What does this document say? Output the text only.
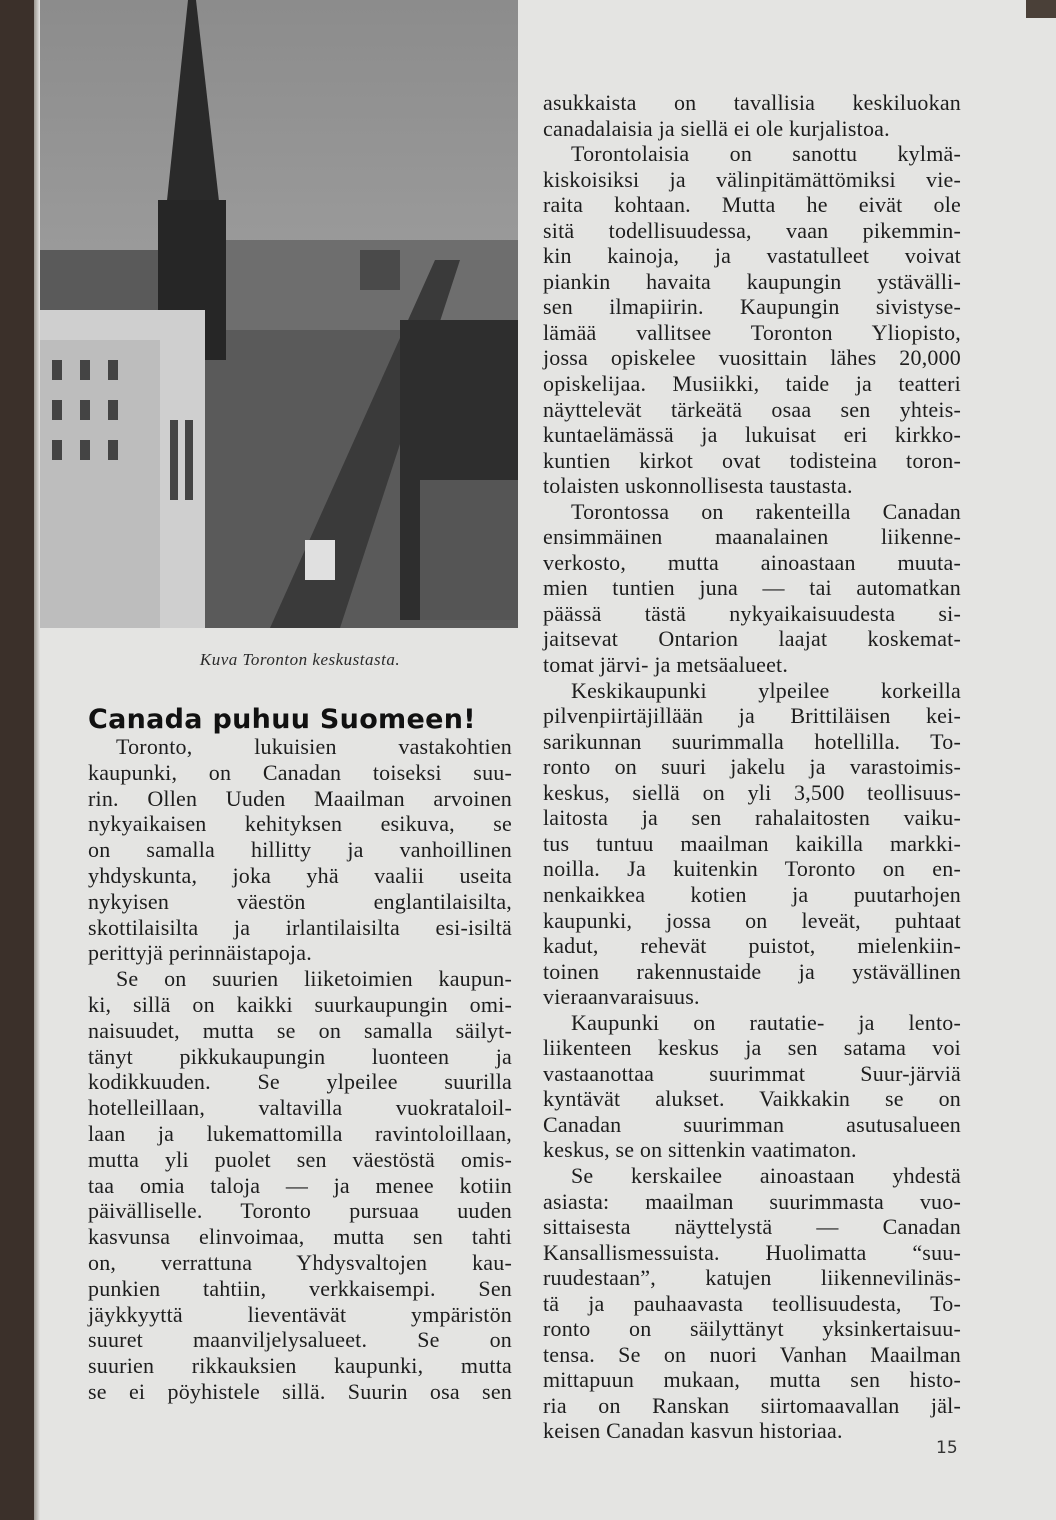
Kuva Toronton keskustasta.
Canada puhuu Suomeen!
Toronto, lukuisien vastakohtien
kaupunki, on Canadan toiseksi suu-
rin. Ollen Uuden Maailman arvoinen
nykyaikaisen kehityksen esikuva, se
on samalla hillitty ja vanhoillinen
yhdyskunta, joka yhä vaalii useita
nykyisen väestön englantilaisilta,
skottilaisilta ja irlantilaisilta esi-isiltä
perittyjä perinnäistapoja.
Se on suurien liiketoimien kaupun-
ki, sillä on kaikki suurkaupungin omi-
naisuudet, mutta se on samalla säilyt-
tänyt pikkukaupungin luonteen ja
kodikkuuden. Se ylpeilee suurilla
hotelleillaan, valtavilla vuokrataloil-
laan ja lukemattomilla ravintoloillaan,
mutta yli puolet sen väestöstä omis-
taa omia taloja — ja menee kotiin
päivälliselle. Toronto pursuaa uuden
kasvunsa elinvoimaa, mutta sen tahti
on, verrattuna Yhdysvaltojen kau-
punkien tahtiin, verkkaisempi. Sen
jäykkyyttä lieventävät ympäristön
suuret maanviljelysalueet. Se on
suurien rikkauksien kaupunki, mutta
se ei pöyhistele sillä. Suurin osa sen
asukkaista on tavallisia keskiluokan
canadalaisia ja siellä ei ole kurjalistoa.
Torontolaisia on sanottu kylmä-
kiskoisiksi ja välinpitämättömiksi vie-
raita kohtaan. Mutta he eivät ole
sitä todellisuudessa, vaan pikemmin-
kin kainoja, ja vastatulleet voivat
piankin havaita kaupungin ystävälli-
sen ilmapiirin. Kaupungin sivistyse-
lämää vallitsee Toronton Yliopisto,
jossa opiskelee vuosittain lähes 20,000
opiskelijaa. Musiikki, taide ja teatteri
näyttelevät tärkeätä osaa sen yhteis-
kuntaelämässä ja lukuisat eri kirkko-
kuntien kirkot ovat todisteina toron-
tolaisten uskonnollisesta taustasta.
Torontossa on rakenteilla Canadan
ensimmäinen maanalainen liikenne-
verkosto, mutta ainoastaan muuta-
mien tuntien juna — tai automatkan
päässä tästä nykyaikaisuudesta si-
jaitsevat Ontarion laajat koskemat-
tomat järvi- ja metsäalueet.
Keskikaupunki ylpeilee korkeilla
pilvenpiirtäjillään ja Brittiläisen kei-
sarikunnan suurimmalla hotellilla. To-
ronto on suuri jakelu ja varastoimis-
keskus, siellä on yli 3,500 teollisuus-
laitosta ja sen rahalaitosten vaiku-
tus tuntuu maailman kaikilla markki-
noilla. Ja kuitenkin Toronto on en-
nenkaikkea kotien ja puutarhojen
kaupunki, jossa on leveät, puhtaat
kadut, rehevät puistot, mielenkiin-
toinen rakennustaide ja ystävällinen
vieraanvaraisuus.
Kaupunki on rautatie- ja lento-
liikenteen keskus ja sen satama voi
vastaanottaa suurimmat Suur-järviä
kyntävät alukset. Vaikkakin se on
Canadan suurimman asutusalueen
keskus, se on sittenkin vaatimaton.
Se kerskailee ainoastaan yhdestä
asiasta: maailman suurimmasta vuo-
sittaisesta näyttelystä — Canadan
Kansallismessuista. Huolimatta “suu-
ruudestaan”, katujen liikennevilinäs-
tä ja pauhaavasta teollisuudesta, To-
ronto on säilyttänyt yksinkertaisuu-
tensa. Se on nuori Vanhan Maailman
mittapuun mukaan, mutta sen histo-
ria on Ranskan siirtomaavallan jäl-
keisen Canadan kasvun historiaa.
15
